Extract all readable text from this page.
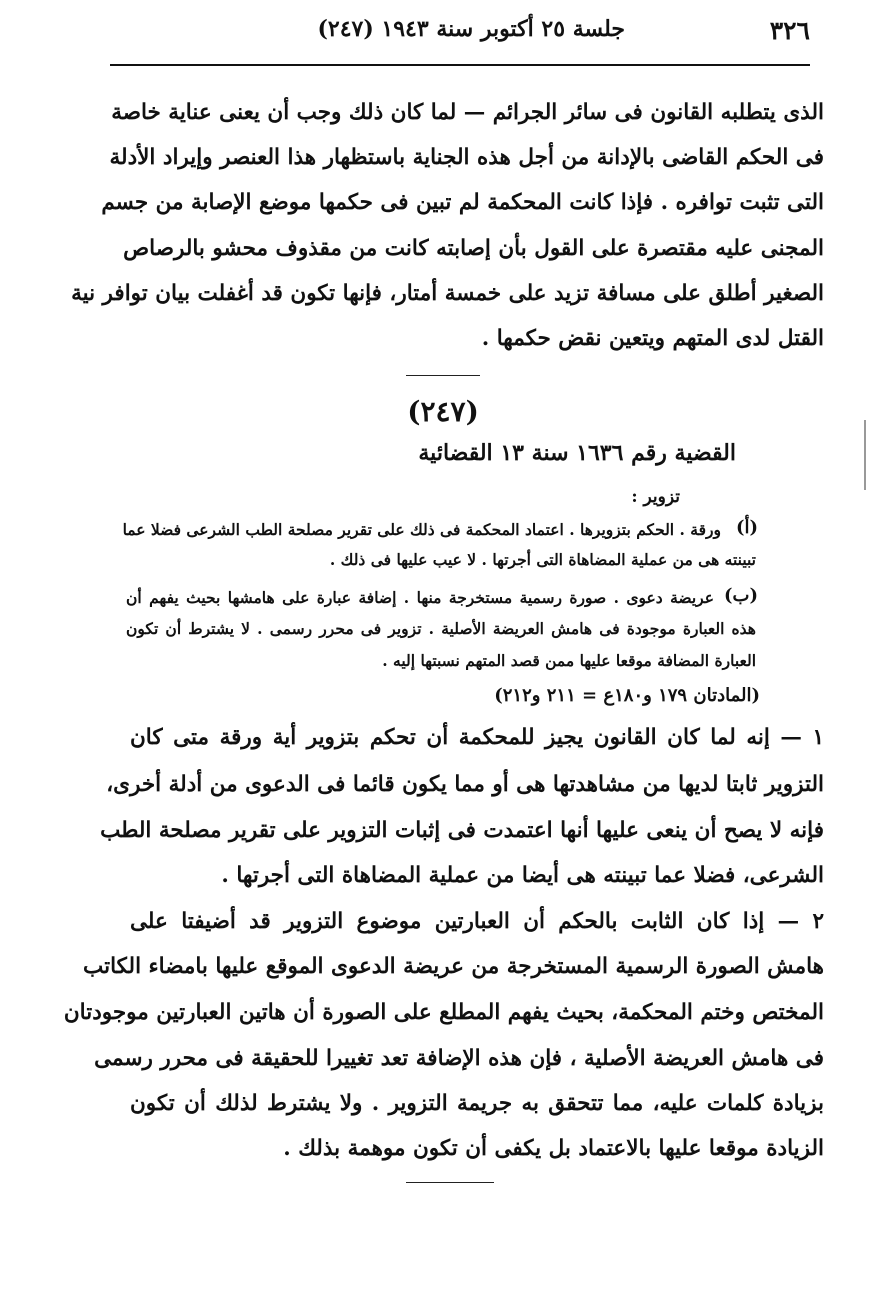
٣٢٦
جلسة ٢٥ أكتوبر سنة ١٩٤٣ (٢٤٧)
الذى يتطلبه القانون فى سائر الجرائم — لما كان ذلك وجب أن يعنى عناية خاصة
فى الحكم القاضى بالإدانة من أجل هذه الجناية باستظهار هذا العنصر وإيراد الأدلة
التى تثبت توافره . فإذا كانت المحكمة لم تبين فى حكمها موضع الإصابة من جسم
المجنى عليه مقتصرة على القول بأن إصابته كانت من مقذوف محشو بالرصاص
الصغير أطلق على مسافة تزيد على خمسة أمتار، فإنها تكون قد أغفلت بيان توافر نية
القتل لدى المتهم ويتعين نقض حكمها .
(٢٤٧)
القضية رقم ١٦٣٦ سنة ١٣ القضائية
تزوير :
(أ)
ورقة . الحكم بتزويرها . اعتماد المحكمة فى ذلك على تقرير مصلحة الطب الشرعى فضلا عما
تبينته هى من عملية المضاهاة التى أجرتها . لا عيب عليها فى ذلك .
(ب)
عريضة دعوى . صورة رسمية مستخرجة منها . إضافة عبارة على هامشها بحيث يفهم أن
هذه العبارة موجودة فى هامش العريضة الأصلية . تزوير فى محرر رسمى . لا يشترط أن تكون
العبارة المضافة موقعا عليها ممن قصد المتهم نسبتها إليه .
(المادتان ١٧٩ و١٨٠ع = ٢١١ و٢١٢)
١ — إنه لما كان القانون يجيز للمحكمة أن تحكم بتزوير أية ورقة متى كان
التزوير ثابتا لديها من مشاهدتها هى أو مما يكون قائما فى الدعوى من أدلة أخرى،
فإنه لا يصح أن ينعى عليها أنها اعتمدت فى إثبات التزوير على تقرير مصلحة الطب
الشرعى، فضلا عما تبينته هى أيضا من عملية المضاهاة التى أجرتها .
٢ — إذا كان الثابت بالحكم أن العبارتين موضوع التزوير قد أضيفتا على
هامش الصورة الرسمية المستخرجة من عريضة الدعوى الموقع عليها بامضاء الكاتب
المختص وختم المحكمة، بحيث يفهم المطلع على الصورة أن هاتين العبارتين موجودتان
فى هامش العريضة الأصلية ، فإن هذه الإضافة تعد تغييرا للحقيقة فى محرر رسمى
بزيادة كلمات عليه، مما تتحقق به جريمة التزوير . ولا يشترط لذلك أن تكون
الزيادة موقعا عليها بالاعتماد بل يكفى أن تكون موهمة بذلك .
